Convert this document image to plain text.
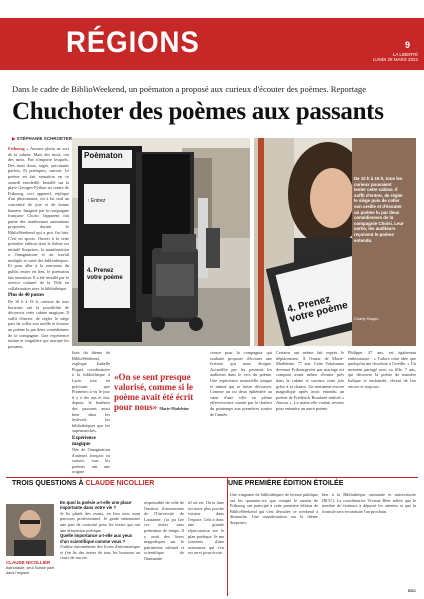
RÉGIONS	9
LA LIBERTÉ
LUNDI 28 MARS 2022
Dans le cadre de BiblioWeekend, un poèmaton a proposé aux curieux d'écouter des poèmes. Reportage
Chuchoter des poèmes aux passants
▶ STÉPHANIE SCHROETER
Fribourg » Aucune photo ne sort de la cabine. Mais des mots, oui des mots. Pas n'importe lesquels. Des mots doux, sages, percutants parfois. Et poétiques, surtout. Le poème en fait sensation en ce samedi ensoleillé. Installé sur la place Georges-Python au centre de Fribourg, ceci appareil, réplique d'un photomaton, est à lui seul un concentré de joie et de bonne humeur. Imaginé par la compagnie française Choisi l'apparent fait partie des nombreuses animations proposées durant le BiblioWeekend qui a pris fin hier. C'est en sports. Ouvert à la cette première édition dont le thème est intitulé Surprises, la manifestation a l'imagination et au travail multiple et varié des bibliothèques. Et pour aller à la rencontre du public entier en lien, le poèmaton fait sensation. Il a été installé par le service culturel de la Ville en collaboration avec la bibliothèque.
Plus de 40 postes
De 10 h à 16 h, curieux de tous horizons ont la possibilité de découvrir cette cabine magique. Il suffit d'entrer, de régler le siège puis de coller son oreille et écouter un poème lu par deux comédiennes de la compagnie. Une expérience intime et singulière qui marque les passants.
Poèmaton
↑ Entrez
4. Prenez votre poème
4. Prenez votre poème
De 10 h à 16 h, tous les curieux pouvaient tester cette cabine. Il suffit d'entrer, de régler le siège puis de coller son oreille et d'écouter un poème lu par deux comédiennes de la compagnie Choisi. Leur sortie, les auditeurs reçoivent le poème entendu.
Charly Rappo
lisés du thème de BiblioWeekend, explique Isabelle Piquet, coordinatrice à la bibliothèque à Lyon tout en précisant que Prometeo a vu le jour il y a dix ans et fait, depuis, le bonheur des passants aussi bien dans les festivals, les bibliothèques que les supermarchés.
Expérience magique
Née de l'imagination d'auteurs français ou suisses, tous les poèmes ont une origine
«On se sent presque valorisé, comme si le poème avait été écrit pour nous» Marie-Madeleine
cieuse pour la compagnie qui souhaite proposer d'écouter une écriture qui nous éloigne. Accueillie par les passants les auditeurs dans le vers du poème. Une expérience sensorielle unique et intime qui se laisse découvrir. Comme un ou deux éphémère au cœur d'une ville en pleine effervescence causée par la chaleur du printemps aux premières sorties de l'année.
Certains ont même fait exprès le déplacement. À l'instar de Marie-Madeleine, 77 ans. Cette Valaisanne devenue Fribourgeoise par mariage est comptait avant même d'entrer près dans la cabine et savoure cette joie grâce à sa chance. Un sentiment encore magnifique après avoir entendu un poème de Frédérick Boudaret intitulé « Amour ». Le matin elle voulait revenir pour entendre un autre poème.
Philippe, 47 ans, est également enthousiaste : « J'adore cette idée que quelqu'un me chuchote à l'oreille. » Un moment partagé avec sa fille, 7 ans, qui découvre la poésie de manière ludique et enchantée, rêvant de lire encore et toujours.
TROIS QUESTIONS À CLAUDE NICOLLIER
CLAUDE NICOLLIER
Astronaute, seul Suisse parti dans l'espace
En quoi la poésie a-t-elle une place importante dans votre vie ?
Je lis plutôt des essais, en lien avec mon parcours professionnel. Je garde néanmoins une part de curiosité pour les textes qui ont une dimension poétique.
Quelle importance a-t-elle aux yeux d'un scientifique comme vous ?
J'utilise énormément des livres d'informatique et j'en lis des textes de tous les horizons au cours de ma vie.
responsable de celle de l'institut d'astronomie de l'Université de Lausanne, j'ai pu lire ces textes sans prétention de temps. Il y avait des livres magnifiques sur le patrimoine culturel et scientifique de l'humanité.
tif où est. On la lune est notre plus proche voisine dans l'espace. Cela a donc une grande répercussion sur le plan poétique. Je me souviens d'une astronaute qui s'en est servi pour écrire.
UNE PREMIÈRE ÉDITION ÉTOILÉE
Une vingtaine de bibliothèques de lecture publique sur les quarante-six que compte le canton de Fribourg ont participé à cette première édition de BiblioWeekend qui s'est déroulée ce weekend à dimanche. Une manifestation sur le thème Surprises.
hier à la Bibliothèque cantonale et universitaire (BCU). La coordinatrice Viviane Heer relève que le nombre de visiteurs a dépassé les attentes et que la formule sera reconduite l'an prochain.
SSC
